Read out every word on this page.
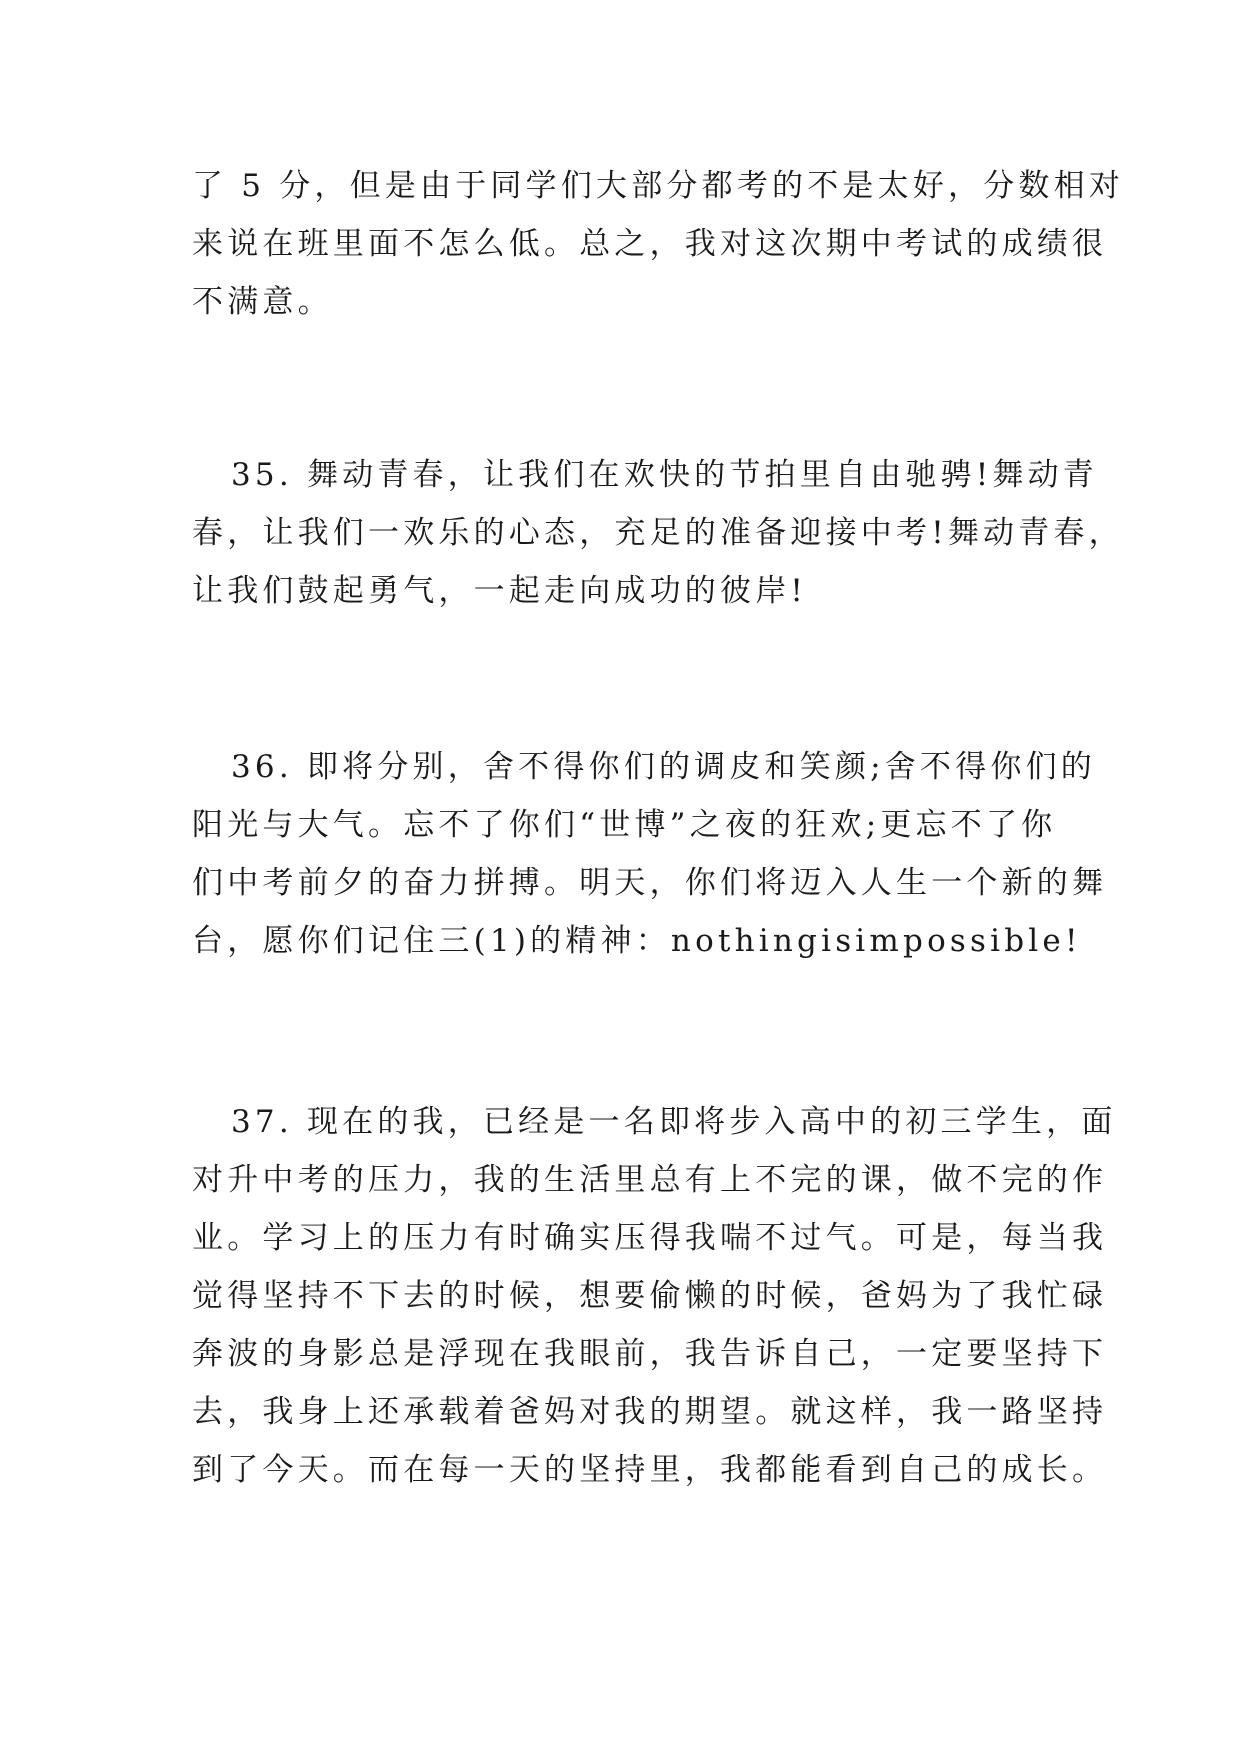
了 5 分，但是由于同学们大部分都考的不是太好，分数相对
来说在班里面不怎么低。总之，我对这次期中考试的成绩很
不满意。
35. 舞动青春，让我们在欢快的节拍里自由驰骋!舞动青
春，让我们一欢乐的心态，充足的准备迎接中考!舞动青春，
让我们鼓起勇气，一起走向成功的彼岸!
36. 即将分别，舍不得你们的调皮和笑颜;舍不得你们的
阳光与大气。忘不了你们“世博”之夜的狂欢;更忘不了你
们中考前夕的奋力拼搏。明天，你们将迈入人生一个新的舞
台，愿你们记住三(1)的精神：nothingisimpossible!
37. 现在的我，已经是一名即将步入高中的初三学生，面
对升中考的压力，我的生活里总有上不完的课，做不完的作
业。学习上的压力有时确实压得我喘不过气。可是，每当我
觉得坚持不下去的时候，想要偷懒的时候，爸妈为了我忙碌
奔波的身影总是浮现在我眼前，我告诉自己，一定要坚持下
去，我身上还承载着爸妈对我的期望。就这样，我一路坚持
到了今天。而在每一天的坚持里，我都能看到自己的成长。
